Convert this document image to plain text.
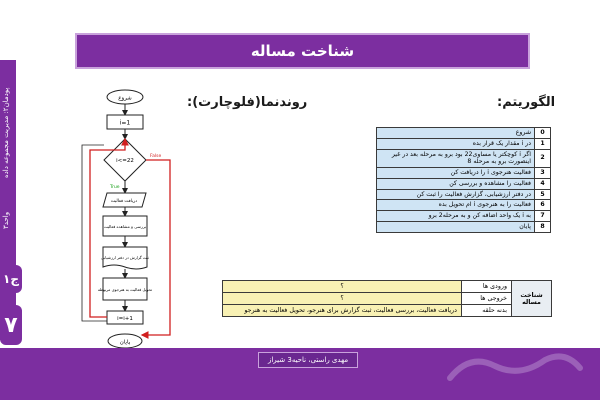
شناخت مساله
پودمان۲: مدیریت مجموعه داده
واحد۳
ج۱
۷
الگوریتم:
روندنما(فلوچارت):
0	شروع
1	در i مقدار یک قرار بده
2	اگر i کوچکتر یا مساوی22 بود برو به مرحله بعد در غیر اینصورت برو به مرحله 8
3	فعالیت هنرجوی i را دریافت کن
4	فعالیت را مشاهده و بررسی کن
5	در دفتر ارزشیابی، گزارش فعالیت را ثبت کن
6	فعالیت را به هنرجوی i ام تحویل بده
7	به i یک واحد اضافه کن و به مرحله2 برو
8	پایان
شناخت مساله	ورودی ها	؟
	خروجی ها	؟
	بدنه حلقه	دریافت فعالیت، بررسی فعالیت، ثبت گزارش برای هنرجو، تحویل فعالیت به هنرجو
شروع
i=1
i<=22
True
False
دریافت فعالیت
بررسی و مشاهده فعالیت
ثبت گزارش در دفتر ارزشیابی
تحویل فعالیت به هنرجوی مربوطه
i=i+1
پایان
مهدی راستی، ناحیه3 شیراز
